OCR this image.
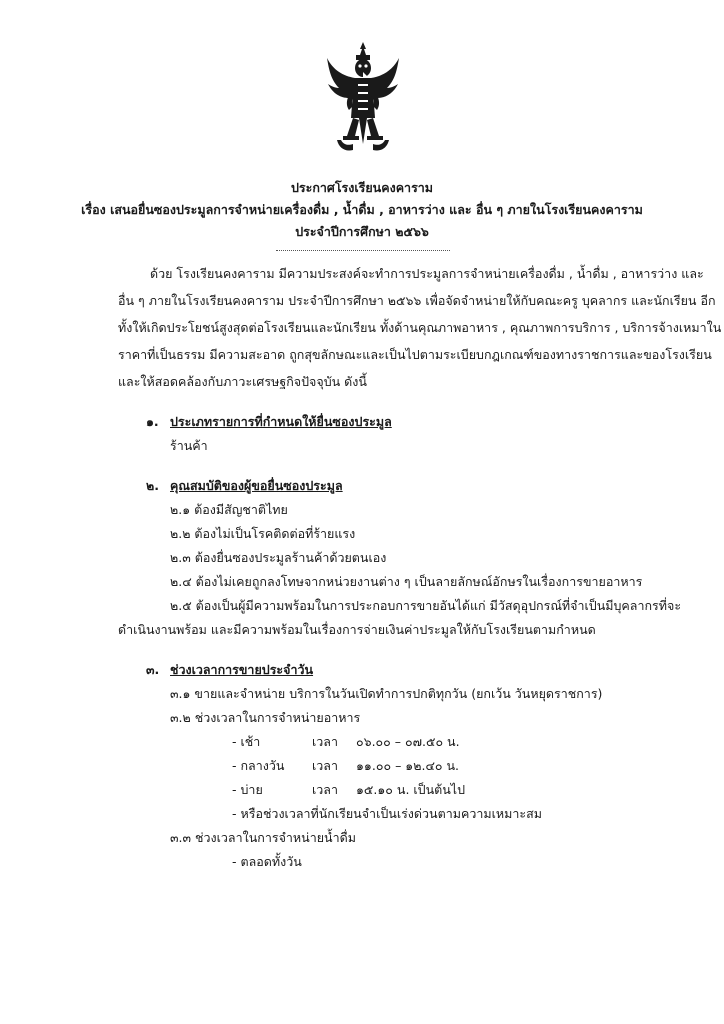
ประกาศโรงเรียนคงคาราม
เรื่อง เสนอยื่นซองประมูลการจำหน่ายเครื่องดื่ม , น้ำดื่ม , อาหารว่าง และ อื่น ๆ ภายในโรงเรียนคงคาราม
ประจำปีการศึกษา ๒๕๖๖
ด้วย โรงเรียนคงคาราม มีความประสงค์จะทำการประมูลการจำหน่ายเครื่องดื่ม , น้ำดื่ม , อาหารว่าง และ
อื่น ๆ ภายในโรงเรียนคงคาราม ประจำปีการศึกษา ๒๕๖๖ เพื่อจัดจำหน่ายให้กับคณะครู บุคลากร และนักเรียน อีก
ทั้งให้เกิดประโยชน์สูงสุดต่อโรงเรียนและนักเรียน ทั้งด้านคุณภาพอาหาร , คุณภาพการบริการ , บริการจ้างเหมาใน
ราคาที่เป็นธรรม มีความสะอาด ถูกสุขลักษณะและเป็นไปตามระเบียบกฎเกณฑ์ของทางราชการและของโรงเรียน
และให้สอดคล้องกับภาวะเศรษฐกิจปัจจุบัน ดังนี้
๑. ประเภทรายการที่กำหนดให้ยื่นซองประมูล
ร้านค้า
๒. คุณสมบัติของผู้ขอยื่นซองประมูล
๒.๑ ต้องมีสัญชาติไทย
๒.๒ ต้องไม่เป็นโรคติดต่อที่ร้ายแรง
๒.๓ ต้องยื่นซองประมูลร้านค้าด้วยตนเอง
๒.๔ ต้องไม่เคยถูกลงโทษจากหน่วยงานต่าง ๆ เป็นลายลักษณ์อักษรในเรื่องการขายอาหาร
๒.๕ ต้องเป็นผู้มีความพร้อมในการประกอบการขายอันได้แก่ มีวัสดุอุปกรณ์ที่จำเป็นมีบุคลากรที่จะ
ดำเนินงานพร้อม และมีความพร้อมในเรื่องการจ่ายเงินค่าประมูลให้กับโรงเรียนตามกำหนด
๓. ช่วงเวลาการขายประจำวัน
๓.๑ ขายและจำหน่าย บริการในวันเปิดทำการปกติทุกวัน (ยกเว้น วันหยุดราชการ)
๓.๒ ช่วงเวลาในการจำหน่ายอาหาร
- เช้า	เวลา ๐๖.๐๐ – ๐๗.๕๐ น.
- กลางวัน เวลา ๑๑.๐๐ – ๑๒.๔๐ น.
- บ่าย	เวลา ๑๕.๑๐ น. เป็นต้นไป
- หรือช่วงเวลาที่นักเรียนจำเป็นเร่งด่วนตามความเหมาะสม
๓.๓ ช่วงเวลาในการจำหน่ายน้ำดื่ม
- ตลอดทั้งวัน
